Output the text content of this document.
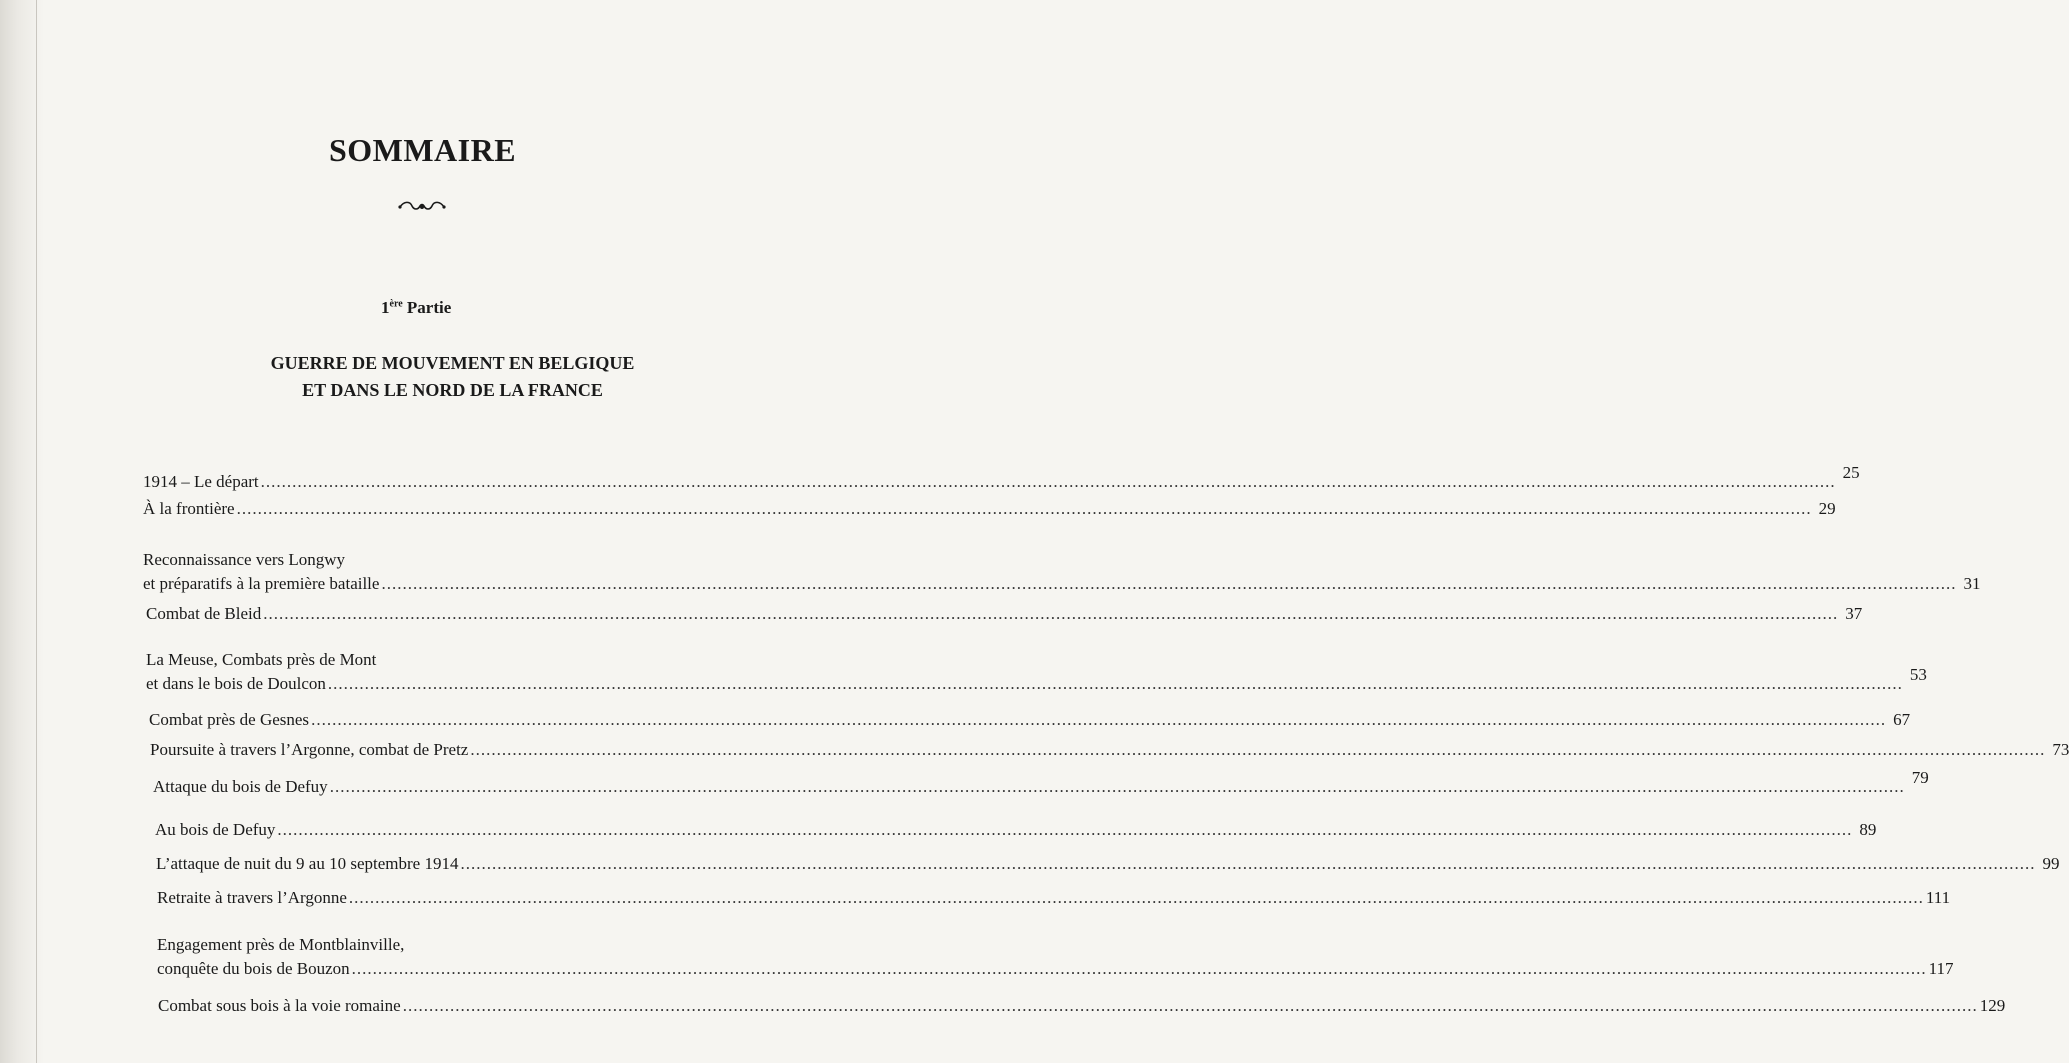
SOMMAIRE
1ère Partie
GUERRE DE MOUVEMENT EN BELGIQUE
ET DANS LE NORD DE LA FRANCE
1914 – Le départ ............................................................................................................................................................................................................................................................................................................ 25
À la frontière ............................................................................................................................................................................................................................................................................................................ 29
Reconnaissance vers Longwy
et préparatifs à la première bataille ............................................................................................................................................................................................................................................................................................................ 31
Combat de Bleid ............................................................................................................................................................................................................................................................................................................ 37
La Meuse, Combats près de Mont
et dans le bois de Doulcon ............................................................................................................................................................................................................................................................................................................ 53
Combat près de Gesnes ............................................................................................................................................................................................................................................................................................................ 67
Poursuite à travers l’Argonne, combat de Pretz ............................................................................................................................................................................................................................................................................................................ 73
Attaque du bois de Defuy ............................................................................................................................................................................................................................................................................................................ 79
Au bois de Defuy ............................................................................................................................................................................................................................................................................................................ 89
L’attaque de nuit du 9 au 10 septembre 1914 ............................................................................................................................................................................................................................................................................................................ 99
Retraite à travers l’Argonne ............................................................................................................................................................................................................................................................................................................ 111
Engagement près de Montblainville,
conquête du bois de Bouzon ............................................................................................................................................................................................................................................................................................................ 117
Combat sous bois à la voie romaine ............................................................................................................................................................................................................................................................................................................ 129
